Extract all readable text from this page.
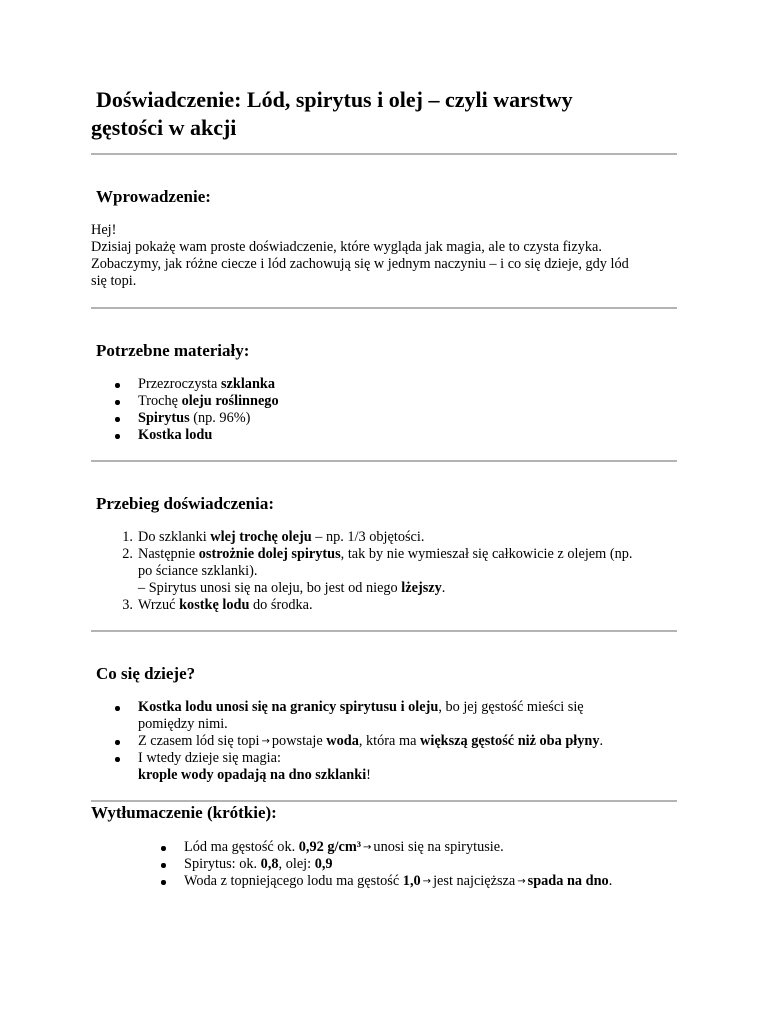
Doświadczenie: Lód, spirytus i olej – czyli warstwy
gęstości w akcji
Wprowadzenie:
Hej!
Dzisiaj pokażę wam proste doświadczenie, które wygląda jak magia, ale to czysta fizyka.
Zobaczymy, jak różne ciecze i lód zachowują się w jednym naczyniu – i co się dzieje, gdy lód
się topi.
Potrzebne materiały:
Przezroczysta szklanka
Trochę oleju roślinnego
Spirytus (np. 96%)
Kostka lodu
Przebieg doświadczenia:
1. Do szklanki wlej trochę oleju – np. 1/3 objętości.
2. Następnie ostrożnie dolej spirytus, tak by nie wymieszał się całkowicie z olejem (np.
po ściance szklanki).
– Spirytus unosi się na oleju, bo jest od niego lżejszy.
3. Wrzuć kostkę lodu do środka.
Co się dzieje?
Kostka lodu unosi się na granicy spirytusu i oleju, bo jej gęstość mieści się
pomiędzy nimi.
Z czasem lód się topi → powstaje woda, która ma większą gęstość niż oba płyny.
I wtedy dzieje się magia:
krople wody opadają na dno szklanki!
Wytłumaczenie (krótkie):
Lód ma gęstość ok. 0,92 g/cm³ → unosi się na spirytusie.
Spirytus: ok. 0,8, olej: 0,9
Woda z topniejącego lodu ma gęstość 1,0 → jest najcięższa → spada na dno.
